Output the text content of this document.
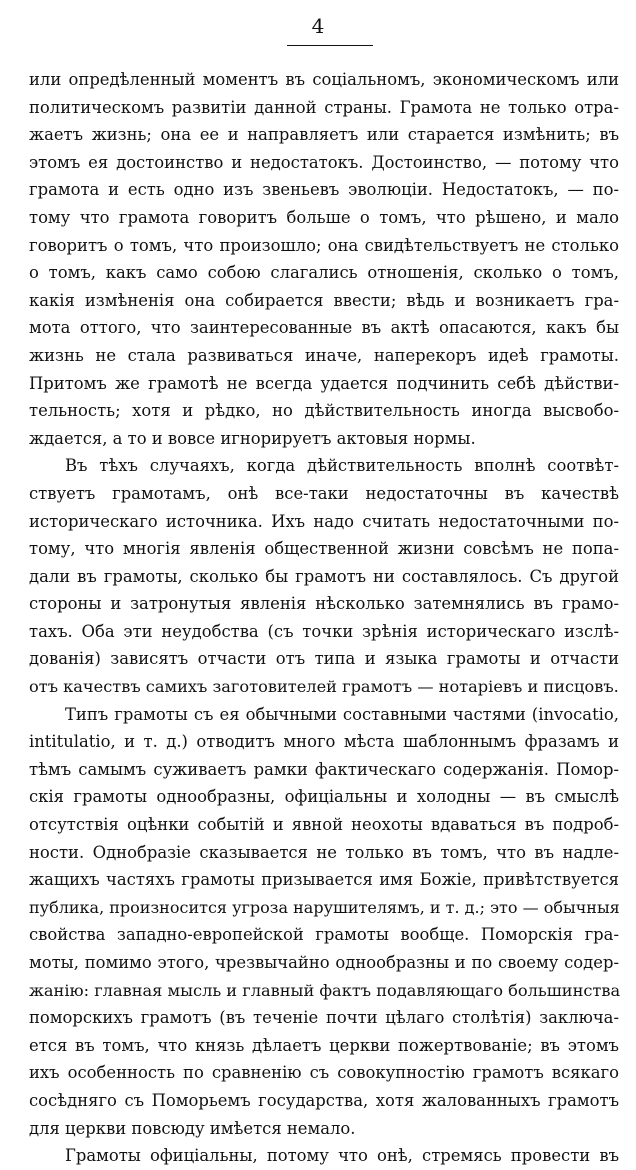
4
или опредѣленный моментъ въ соціальномъ, экономическомъ или
политическомъ развитіи данной страны. Грамота не только отра-
жаетъ жизнь; она ее и направляетъ или старается измѣнить; въ
этомъ ея достоинство и недостатокъ. Достоинство, — потому что
грамота и есть одно изъ звеньевъ эволюціи. Недостатокъ, — по-
тому что грамота говоритъ больше о томъ, что рѣшено, и мало
говоритъ о томъ, что произошло; она свидѣтельствуетъ не столько
о томъ, какъ само собою слагались отношенія, сколько о томъ,
какія измѣненія она собирается ввести; вѣдь и возникаетъ гра-
мота оттого, что заинтересованные въ актѣ опасаются, какъ бы
жизнь не стала развиваться иначе, наперекоръ идеѣ грамоты.
Притомъ же грамотѣ не всегда удается подчинить себѣ дѣйстви-
тельность; хотя и рѣдко, но дѣйствительность иногда высвобо-
ждается, а то и вовсе игнорируетъ актовыя нормы.
Въ тѣхъ случаяхъ, когда дѣйствительность вполнѣ соотвѣт-
ствуетъ грамотамъ, онѣ все-таки недостаточны въ качествѣ
историческаго источника. Ихъ надо считать недостаточными по-
тому, что многія явленія общественной жизни совсѣмъ не попа-
дали въ грамоты, сколько бы грамотъ ни составлялось. Съ другой
стороны и затронутыя явленія нѣсколько затемнялись въ грамо-
тахъ. Оба эти неудобства (съ точки зрѣнія историческаго изслѣ-
дованія) зависятъ отчасти отъ типа и языка грамоты и отчасти
отъ качествъ самихъ заготовителей грамотъ — нотаріевъ и писцовъ.
Типъ грамоты съ ея обычными составными частями (invocatio,
intitulatio, и т. д.) отводитъ много мѣста шаблоннымъ фразамъ и
тѣмъ самымъ суживаетъ рамки фактическаго содержанія. Помор-
скія грамоты однообразны, офиціальны и холодны — въ смыслѣ
отсутствія оцѣнки событій и явной неохоты вдаваться въ подроб-
ности. Однобразіе сказывается не только въ томъ, что въ надле-
жащихъ частяхъ грамоты призывается имя Божіе, привѣтствуется
публика, произносится угроза нарушителямъ, и т. д.; это — обычныя
свойства западно-европейской грамоты вообще. Поморскія гра-
моты, помимо этого, чрезвычайно однообразны и по своему содер-
жанію: главная мысль и главный фактъ подавляющаго большинства
поморскихъ грамотъ (въ теченіе почти цѣлаго столѣтія) заключа-
ется въ томъ, что князь дѣлаетъ церкви пожертвованіе; въ этомъ
ихъ особенность по сравненію съ совокупностію грамотъ всякаго
сосѣдняго съ Поморьемъ государства, хотя жалованныхъ грамотъ
для церкви повсюду имѣется немало.
Грамоты офиціальны, потому что онѣ, стремясь провести въ
